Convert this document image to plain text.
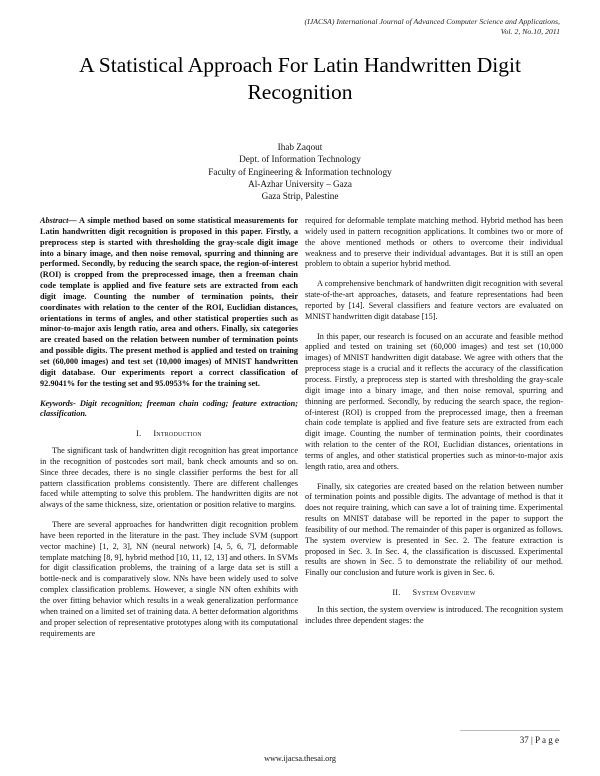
(IJACSA) International Journal of Advanced Computer Science and Applications,
Vol. 2, No.10, 2011
A Statistical Approach For Latin Handwritten Digit
Recognition
Ihab Zaqout
Dept. of Information Technology
Faculty of Engineering & Information technology
Al-Azhar University – Gaza
Gaza Strip, Palestine

Abstract— A simple method based on some statistical measurements for Latin handwritten digit recognition is proposed in this paper. Firstly, a preprocess step is started with thresholding the gray-scale digit image into a binary image, and then noise removal, spurring and thinning are performed. Secondly, by reducing the search space, the region-of-interest (ROI) is cropped from the preprocessed image, then a freeman chain code template is applied and five feature sets are extracted from each digit image. Counting the number of termination points, their coordinates with relation to the center of the ROI, Euclidian distances, orientations in terms of angles, and other statistical properties such as minor-to-major axis length ratio, area and others. Finally, six categories are created based on the relation between number of termination points and possible digits. The present method is applied and tested on training set (60,000 images) and test set (10,000 images) of MNIST handwritten digit database. Our experiments report a correct classification of 92.9041% for the testing set and 95.0953% for the training set.

Keywords- Digit recognition; freeman chain coding; feature extraction; classification.

I. Introduction

The significant task of handwritten digit recognition has great importance in the recognition of postcodes sort mail, bank check amounts and so on. Since three decades, there is no single classifier performs the best for all pattern classification problems consistently. There are different challenges faced while attempting to solve this problem. The handwritten digits are not always of the same thickness, size, orientation or position relative to margins.

There are several approaches for handwritten digit recognition problem have been reported in the literature in the past. They include SVM (support vector machine) [1, 2, 3], NN (neural network) [4, 5, 6, 7], deformable template matching [8, 9], hybrid method [10, 11, 12, 13] and others. In SVMs for digit classification problems, the training of a large data set is still a bottle-neck and is comparatively slow. NNs have been widely used to solve complex classification problems. However, a single NN often exhibits with the over fitting behavior which results in a weak generalization performance when trained on a limited set of training data. A better deformation algorithms and proper selection of representative prototypes along with its computational requirements are

required for deformable template matching method. Hybrid method has been widely used in pattern recognition applications. It combines two or more of the above mentioned methods or others to overcome their individual weakness and to preserve their individual advantages. But it is still an open problem to obtain a superior hybrid method.

A comprehensive benchmark of handwritten digit recognition with several state-of-the-art approaches, datasets, and feature representations had been reported by [14]. Several classifiers and feature vectors are evaluated on MNIST handwritten digit database [15].

In this paper, our research is focused on an accurate and feasible method applied and tested on training set (60,000 images) and test set (10,000 images) of MNIST handwritten digit database. We agree with others that the preprocess stage is a crucial and it reflects the accuracy of the classification process. Firstly, a preprocess step is started with thresholding the gray-scale digit image into a binary image, and then noise removal, spurring and thinning are performed. Secondly, by reducing the search space, the region-of-interest (ROI) is cropped from the preprocessed image, then a freeman chain code template is applied and five feature sets are extracted from each digit image. Counting the number of termination points, their coordinates with relation to the center of the ROI, Euclidian distances, orientations in terms of angles, and other statistical properties such as minor-to-major axis length ratio, area and others.

Finally, six categories are created based on the relation between number of termination points and possible digits. The advantage of method is that it does not require training, which can save a lot of training time. Experimental results on MNIST database will be reported in the paper to support the feasibility of our method. The remainder of this paper is organized as follows. The system overview is presented in Sec. 2. The feature extraction is proposed in Sec. 3. In Sec. 4, the classification is discussed. Experimental results are shown in Sec. 5 to demonstrate the reliability of our method. Finally our conclusion and future work is given in Sec. 6.

II. System Overview

In this section, the system overview is introduced. The recognition system includes three dependent stages: the

37 | P a g e
www.ijacsa.thesai.org
